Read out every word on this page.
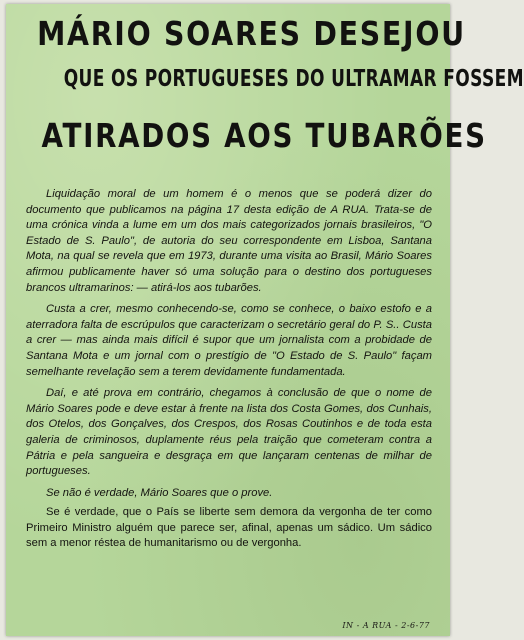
MÁRIO SOARES DESEJOU
QUE OS PORTUGUESES DO ULTRAMAR FOSSEM
ATIRADOS AOS TUBARÕES

Liquidação moral de um homem é o menos que se poderá dizer do documento que publicamos na página 17 desta edição de A RUA. Trata-se de uma crónica vinda a lume em um dos mais categorizados jornais brasileiros, "O Estado de S. Paulo", de autoria do seu correspondente em Lisboa, Santana Mota, na qual se revela que em 1973, durante uma visita ao Brasil, Mário Soares afirmou publicamente haver só uma solução para o destino dos portugueses brancos ultramarinos: — atirá-los aos tubarões.

Custa a crer, mesmo conhecendo-se, como se conhece, o baixo estofo e a aterradora falta de escrúpulos que caracterizam o secretário geral do P. S.. Custa a crer — mas ainda mais difícil é supor que um jornalista com a probidade de Santana Mota e um jornal com o prestígio de "O Estado de S. Paulo" façam semelhante revelação sem a terem devidamente fundamentada.

Daí, e até prova em contrário, chegamos à conclusão de que o nome de Mário Soares pode e deve estar à frente na lista dos Costa Gomes, dos Cunhais, dos Otelos, dos Gonçalves, dos Crespos, dos Rosas Coutinhos e de toda esta galeria de criminosos, duplamente réus pela traição que cometeram contra a Pátria e pela sangueira e desgraça em que lançaram centenas de milhar de portugueses.

Se não é verdade, Mário Soares que o prove.

Se é verdade, que o País se liberte sem demora da vergonha de ter como Primeiro Ministro alguém que parece ser, afinal, apenas um sádico. Um sádico sem a menor réstea de humanitarismo ou de vergonha.

IN - A RUA - 2-6-77
